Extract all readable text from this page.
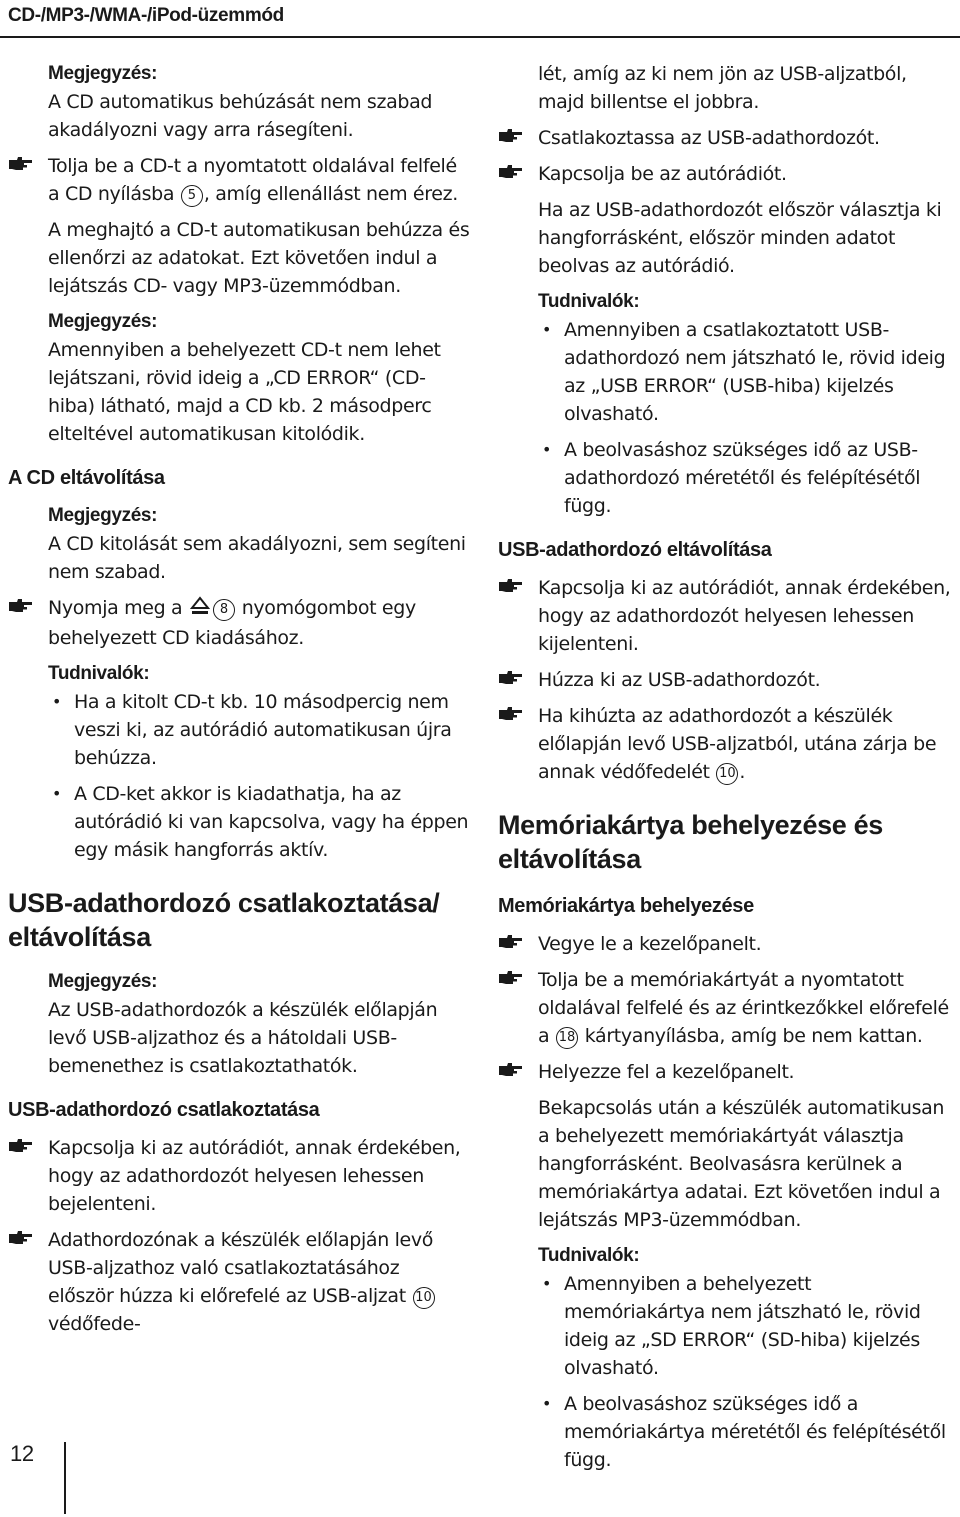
CD-/MP3-/WMA-/iPod-üzemmód
Megjegyzés:
A CD automatikus behúzását nem szabad akadályozni vagy arra rásegíteni.
Tolja be a CD-t a nyomtatott oldalával felfelé a CD nyílásba 5 , amíg ellenállást nem érez.
A meghajtó a CD-t automatikusan behúzza és ellenőrzi az adatokat. Ezt követően indul a lejátszás CD- vagy MP3-üzemmódban.
Megjegyzés:
Amennyiben a behelyezett CD-t nem lehet lejátszani, rövid ideig a „CD ERROR“ (CD-hiba) látható, majd a CD kb. 2 másodperc elteltével automatikusan kitolódik.
A CD eltávolítása
Megjegyzés:
A CD kitolását sem akadályozni, sem segíteni nem szabad.
Nyomja meg a	8 nyomógombot egy behelyezett CD kiadásához.
Tudnivalók:
• Ha a kitolt CD-t kb. 10 másodpercig nem veszi ki, az autórádió automatikusan újra behúzza.
• A CD-ket akkor is kiadathatja, ha az autórádió ki van kapcsolva, vagy ha éppen egy másik hangforrás aktív.
USB-adathordozó csatlakoztatása/ eltávolítása
Megjegyzés:
Az USB-adathordozók a készülék előlapján levő USB-aljzathoz és a hátoldali USB-bemenethez is csatlakoztathatók.
USB-adathordozó csatlakoztatása
Kapcsolja ki az autórádiót, annak érdekében, hogy az adathordozót helyesen lehessen bejelenteni.
Adathordozónak a készülék előlapján levő USB-aljzathoz való csatlakoztatásához először húzza ki előrefelé az USB-aljzat 10 védőfede-
lét, amíg az ki nem jön az USB-aljzatból, majd billentse el jobbra.
Csatlakoztassa az USB-adathordozót.
Kapcsolja be az autórádiót.
Ha az USB-adathordozót először választja ki hangforrásként, először minden adatot beolvas az autórádió.
Tudnivalók:
• Amennyiben a csatlakoztatott USB-adathordozó nem játszható le, rövid ideig az „USB ERROR“ (USB-hiba) kijelzés olvasható.
• A beolvasáshoz szükséges idő az USB-adathordozó méretétől és felépítésétől függ.
USB-adathordozó eltávolítása
Kapcsolja ki az autórádiót, annak érdekében, hogy az adathordozót helyesen lehessen kijelenteni.
Húzza ki az USB-adathordozót.
Ha kihúzta az adathordozót a készülék előlapján levő USB-aljzatból, utána zárja be annak védőfedelét 10 .
Memóriakártya behelyezése és eltávolítása
Memóriakártya behelyezése
Vegye le a kezelőpanelt.
Tolja be a memóriakártyát a nyomtatott oldalával felfelé és az érintkezőkkel előrefelé a 18 kártyanyílásba, amíg be nem kattan.
Helyezze fel a kezelőpanelt.
Bekapcsolás után a készülék automatikusan a behelyezett memóriakártyát választja hangforrásként. Beolvasásra kerülnek a memóriakártya adatai. Ezt követően indul a lejátszás MP3-üzemmódban.
Tudnivalók:
• Amennyiben a behelyezett memóriakártya nem játszható le, rövid ideig az „SD ERROR“ (SD-hiba) kijelzés olvasható.
• A beolvasáshoz szükséges idő a memóriakártya méretétől és felépítésétől függ.
12
